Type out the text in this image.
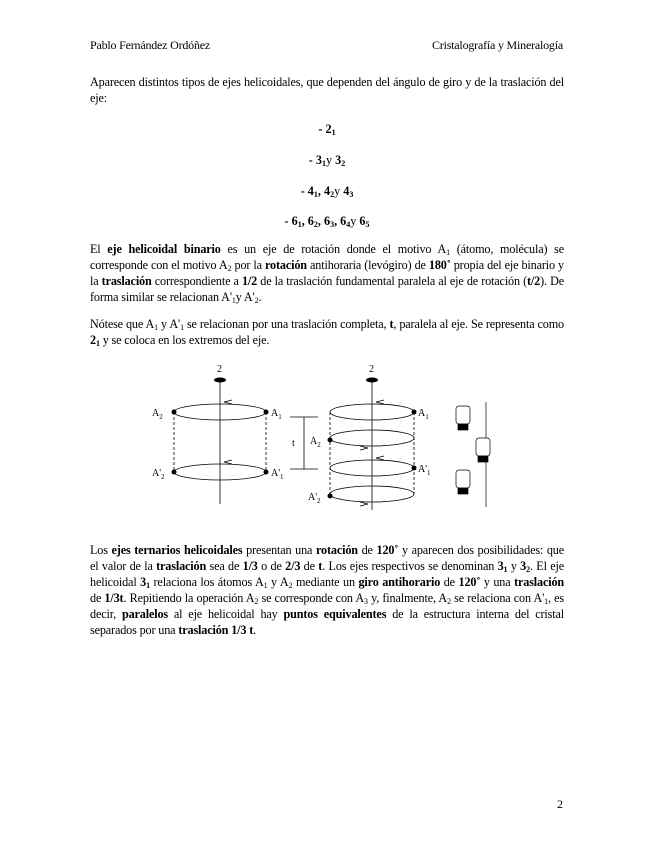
Pablo Fernández Ordóñez	Cristalografía y Mineralogía
Aparecen distintos tipos de ejes helicoidales, que dependen del ángulo de giro y de la traslación del eje:
- $2_1$
- $3_1y$ $3_2$
- $4_1$, $4_2y$ $4_3$
- $6_1$, $6_2$, $6_3$, $6_4y$ $6_5$
El eje helicoidal binario es un eje de rotación donde el motivo $A_1$ (átomo, molécula) se corresponde con el motivo $A_2$ por la rotación antihoraria (levógiro) de 180˚ propia del eje binario y la traslación correspondiente a 1/2 de la traslación fundamental paralela al eje de rotación (t/2). De forma similar se relacionan $A'_1y$ $A'_2$.
Nótese que $A_1$ y $A'_1$ se relacionan por una traslación completa, t, paralela al eje. Se representa como $2_1$ y se coloca en los extremos del eje.
2
$A_2$	$A_1$
$A'_2$	$A'_1$
t
2
$A_1$
$A_2$
$A'_1$
$A'_2$
Los ejes ternarios helicoidales presentan una rotación de 120˚ y aparecen dos posibilidades: que el valor de la traslación sea de 1/3 o de 2/3 de t. Los ejes respectivos se denominan $3_1$ y $3_2$. El eje helicoidal $3_1$ relaciona los átomos $A_1$ y $A_2$ mediante un giro antihorario de 120˚ y una traslación de 1/3t. Repitiendo la operación $A_2$ se corresponde con $A_3$ y, finalmente, $A_2$ se relaciona con $A'_1$, es decir, paralelos al eje helicoidal hay puntos equivalentes de la estructura interna del cristal separados por una traslación 1/3 t.
2
